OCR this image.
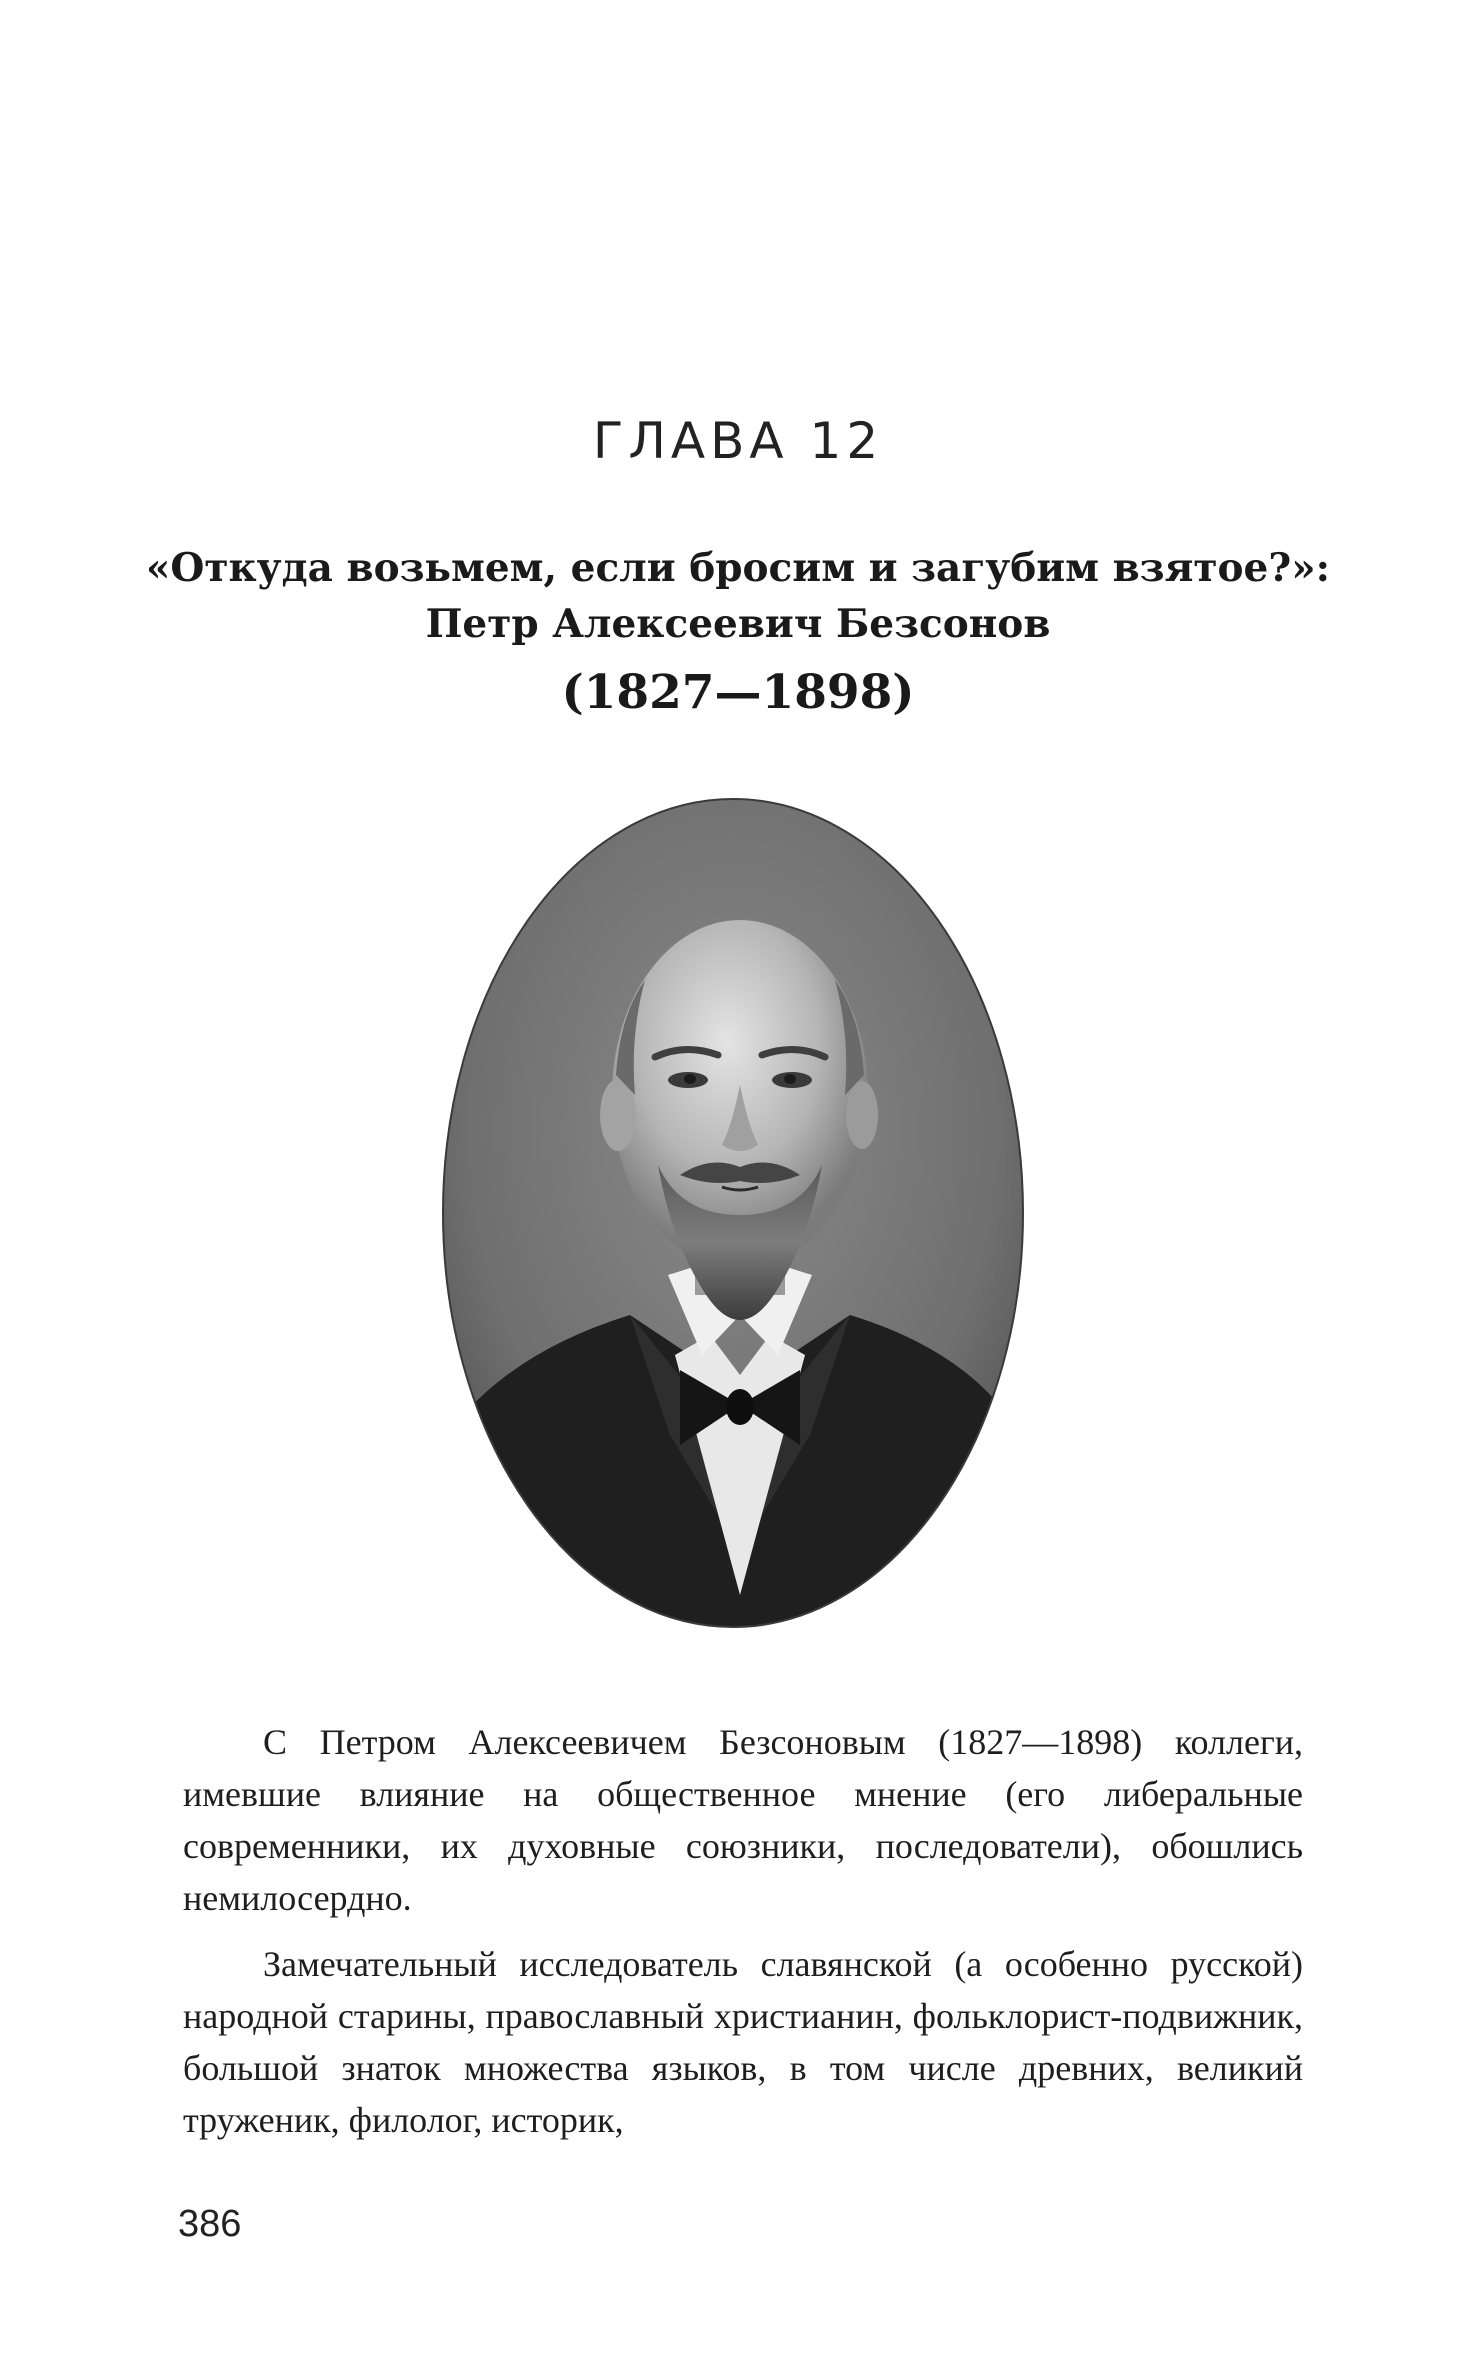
ГЛАВА 12
«Откуда возьмем, если бросим и загубим взятое?»:
Петр Алексеевич Безсонов
(1827—1898)

С Петром Алексеевичем Безсоновым (1827—1898) коллеги, имевшие влияние на общественное мнение (его либеральные современники, их духовные союзники, последователи), обошлись немилосердно.

Замечательный исследователь славянской (а особенно русской) народной старины, православный христианин, фольклорист-подвижник, большой знаток множества языков, в том числе древних, великий труженик, филолог, историк,

386
